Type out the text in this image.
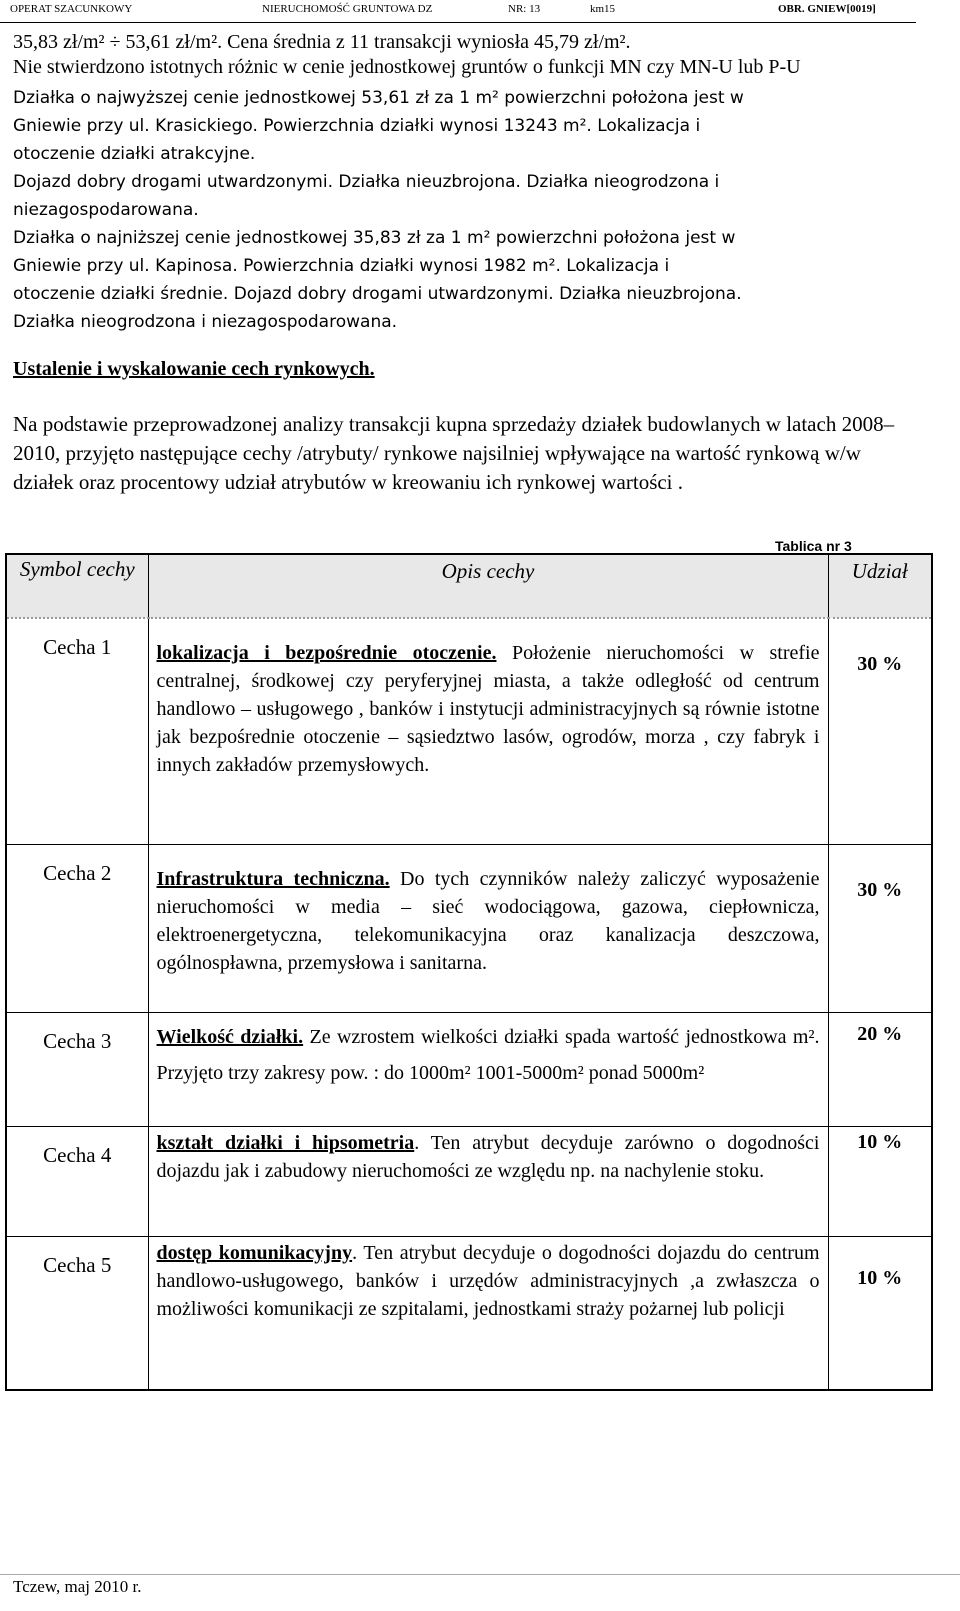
OPERAT SZACUNKOWY	NIERUCHOMOŚĆ GRUNTOWA DZ	NR: 13	km15	OBR. GNIEW[0019]
35,83 zł/m² ÷ 53,61 zł/m². Cena średnia z 11 transakcji wyniosła 45,79 zł/m².
Nie stwierdzono istotnych różnic w cenie jednostkowej gruntów o funkcji MN czy MN-U lub P-U
Działka o najwyższej cenie jednostkowej 53,61 zł za 1 m² powierzchni położona jest w
Gniewie przy ul. Krasickiego. Powierzchnia działki wynosi 13243 m². Lokalizacja i
otoczenie działki atrakcyjne.
Dojazd dobry drogami utwardzonymi. Działka nieuzbrojona. Działka nieogrodzona i
niezagospodarowana.
Działka o najniższej cenie jednostkowej 35,83 zł za 1 m² powierzchni położona jest w
Gniewie przy ul. Kapinosa. Powierzchnia działki wynosi 1982 m². Lokalizacja i
otoczenie działki średnie. Dojazd dobry drogami utwardzonymi. Działka nieuzbrojona.
Działka nieogrodzona i niezagospodarowana.
Ustalenie i wyskalowanie cech rynkowych.
Na podstawie przeprowadzonej analizy transakcji kupna sprzedaży działek budowlanych w latach 2008–2010, przyjęto następujące cechy /atrybuty/ rynkowe najsilniej wpływające na wartość rynkową w/w działek oraz procentowy udział atrybutów w kreowaniu ich rynkowej wartości .
Tablica nr 3
Symbol cechy	Opis cechy	Udział
Cecha 1	lokalizacja i bezpośrednie otoczenie. Położenie nieruchomości w strefie centralnej, środkowej czy peryferyjnej miasta, a także odległość od centrum handlowo – usługowego , banków i instytucji administracyjnych są równie istotne jak bezpośrednie otoczenie – sąsiedztwo lasów, ogrodów, morza , czy fabryk i innych zakładów przemysłowych.	30 %
Cecha 2	Infrastruktura techniczna. Do tych czynników należy zaliczyć wyposażenie nieruchomości w media – sieć wodociągowa, gazowa, ciepłownicza, elektroenergetyczna, telekomunikacyjna oraz kanalizacja deszczowa, ogólnospławna, przemysłowa i sanitarna.	30 %
Cecha 3	Wielkość działki. Ze wzrostem wielkości działki spada wartość jednostkowa m². Przyjęto trzy zakresy pow. : do 1000m² 1001-5000m² ponad 5000m²	20 %
Cecha 4	kształt działki i hipsometria. Ten atrybut decyduje zarówno o dogodności dojazdu jak i zabudowy nieruchomości ze względu np. na nachylenie stoku.	10 %
Cecha 5	dostęp komunikacyjny. Ten atrybut decyduje o dogodności dojazdu do centrum handlowo-usługowego, banków i urzędów administracyjnych ,a zwłaszcza o możliwości komunikacji ze szpitalami, jednostkami straży pożarnej lub policji	10 %
Tczew, maj 2010 r.
